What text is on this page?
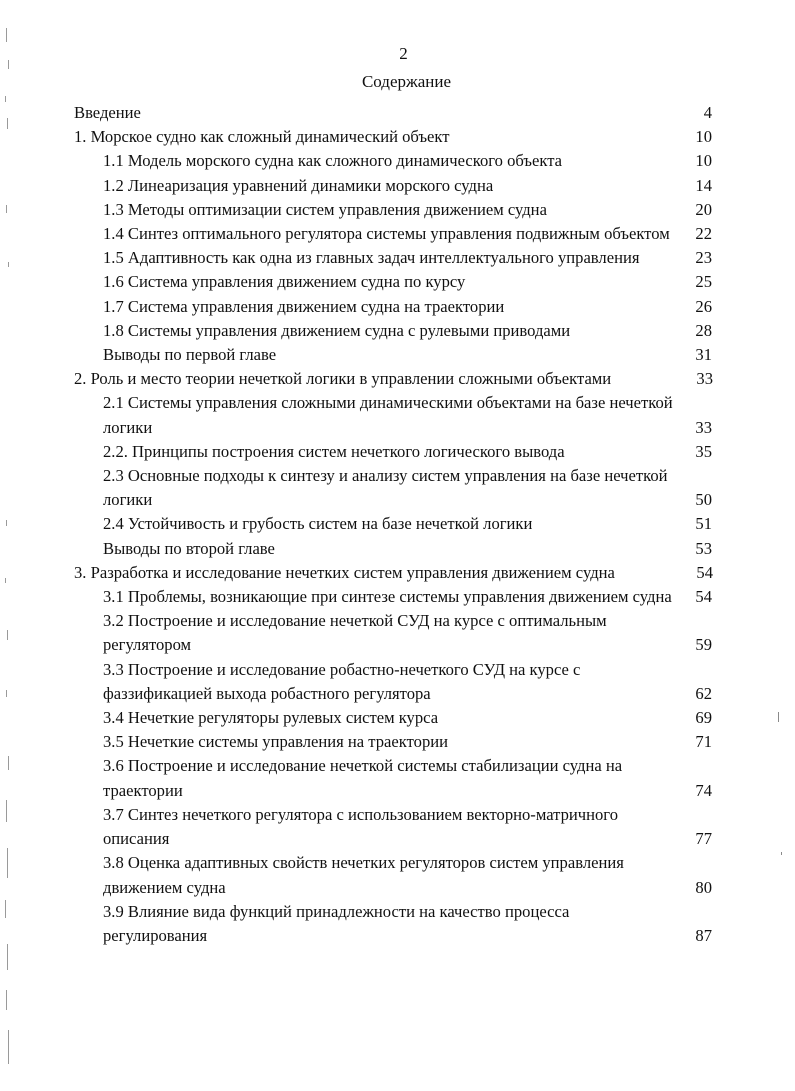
2
Содержание
Введение	4
1. Морское судно как сложный динамический объект	10
1.1 Модель морского судна как сложного динамического объекта	10
1.2 Линеаризация уравнений динамики морского судна	14
1.3 Методы оптимизации систем управления движением судна	20
1.4 Синтез оптимального регулятора системы управления подвижным объектом	22
1.5 Адаптивность как одна из главных задач интеллектуального управления	23
1.6 Система управления движением судна по курсу	25
1.7 Система управления движением судна на траектории	26
1.8 Системы управления движением судна с рулевыми приводами	28
Выводы по первой главе	31
2. Роль и место теории нечеткой логики в управлении сложными объектами	33
2.1 Системы управления сложными динамическими объектами на базе нечеткой логики	33
2.2. Принципы построения систем нечеткого логического вывода	35
2.3 Основные подходы к синтезу и анализу систем управления на базе нечеткой логики	50
2.4 Устойчивость и грубость систем на базе нечеткой логики	51
Выводы по второй главе	53
3. Разработка и исследование нечетких систем управления движением судна	54
3.1 Проблемы, возникающие при синтезе системы управления движением судна	54
3.2 Построение и исследование нечеткой СУД на курсе с оптимальным регулятором	59
3.3 Построение и исследование робастно-нечеткого СУД на курсе с фаззификацией выхода робастного регулятора	62
3.4 Нечеткие регуляторы рулевых систем курса	69
3.5 Нечеткие системы управления на траектории	71
3.6 Построение и исследование нечеткой системы стабилизации судна на траектории	74
3.7 Синтез нечеткого регулятора с использованием векторно-матричного описания	77
3.8 Оценка адаптивных свойств нечетких регуляторов систем управления движением судна	80
3.9 Влияние вида функций принадлежности на качество процесса регулирования	87
